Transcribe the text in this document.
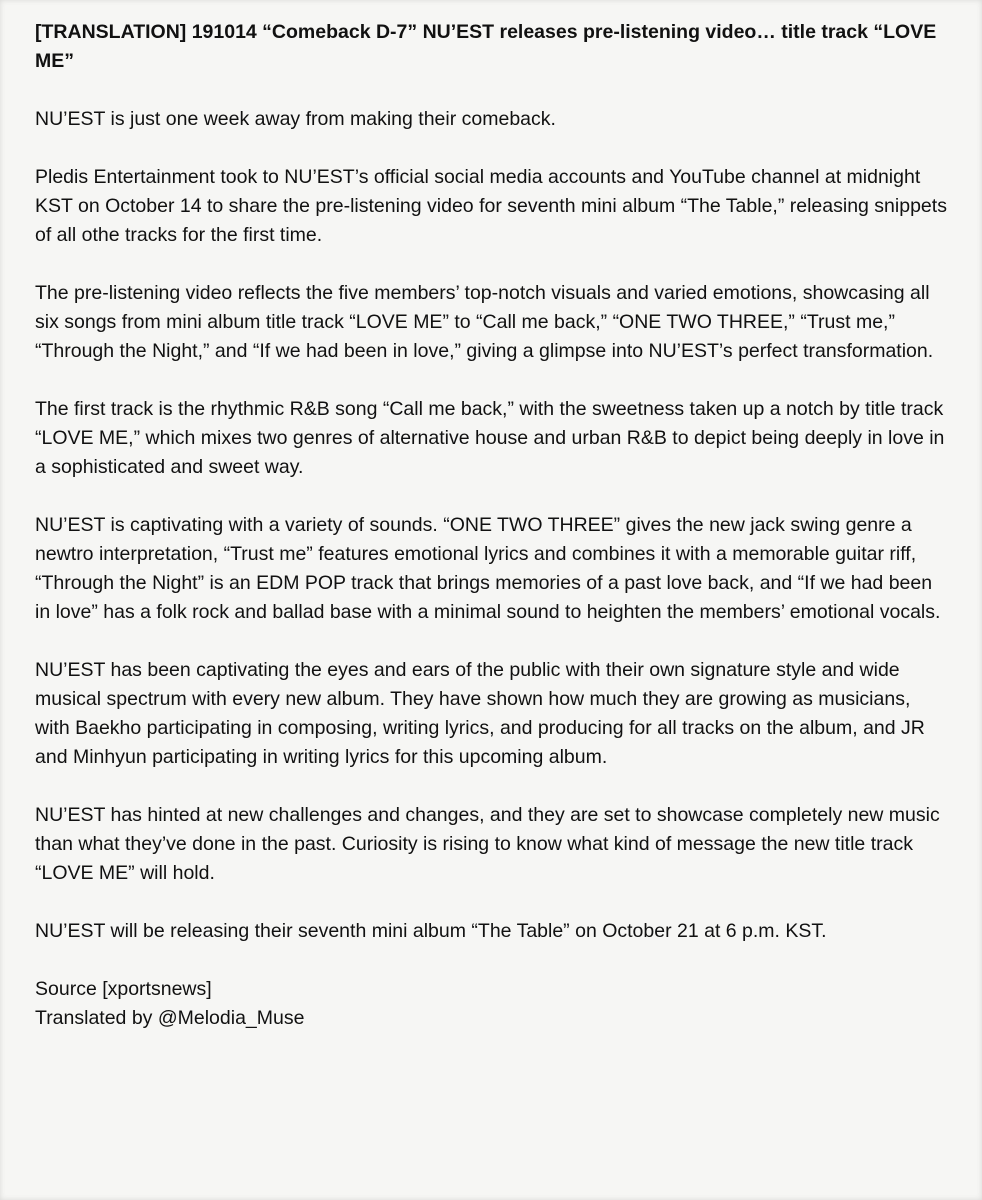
[TRANSLATION] 191014 “Comeback D-7” NU’EST releases pre-listening video… title track “LOVE ME”
NU’EST is just one week away from making their comeback.
Pledis Entertainment took to NU’EST’s official social media accounts and YouTube channel at midnight KST on October 14 to share the pre-listening video for seventh mini album “The Table,” releasing snippets of all othe tracks for the first time.
The pre-listening video reflects the five members’ top-notch visuals and varied emotions, showcasing all six songs from mini album title track “LOVE ME” to “Call me back,” “ONE TWO THREE,” “Trust me,” “Through the Night,” and “If we had been in love,” giving a glimpse into NU’EST’s perfect transformation.
The first track is the rhythmic R&B song “Call me back,” with the sweetness taken up a notch by title track “LOVE ME,” which mixes two genres of alternative house and urban R&B to depict being deeply in love in a sophisticated and sweet way.
NU’EST is captivating with a variety of sounds. “ONE TWO THREE” gives the new jack swing genre a newtro interpretation, “Trust me” features emotional lyrics and combines it with a memorable guitar riff, “Through the Night” is an EDM POP track that brings memories of a past love back, and “If we had been in love” has a folk rock and ballad base with a minimal sound to heighten the members’ emotional vocals.
NU’EST has been captivating the eyes and ears of the public with their own signature style and wide musical spectrum with every new album. They have shown how much they are growing as musicians, with Baekho participating in composing, writing lyrics, and producing for all tracks on the album, and JR and Minhyun participating in writing lyrics for this upcoming album.
NU’EST has hinted at new challenges and changes, and they are set to showcase completely new music than what they’ve done in the past. Curiosity is rising to know what kind of message the new title track “LOVE ME” will hold.
NU’EST will be releasing their seventh mini album “The Table” on October 21 at 6 p.m. KST.
Source [xportsnews]
Translated by @Melodia_Muse
